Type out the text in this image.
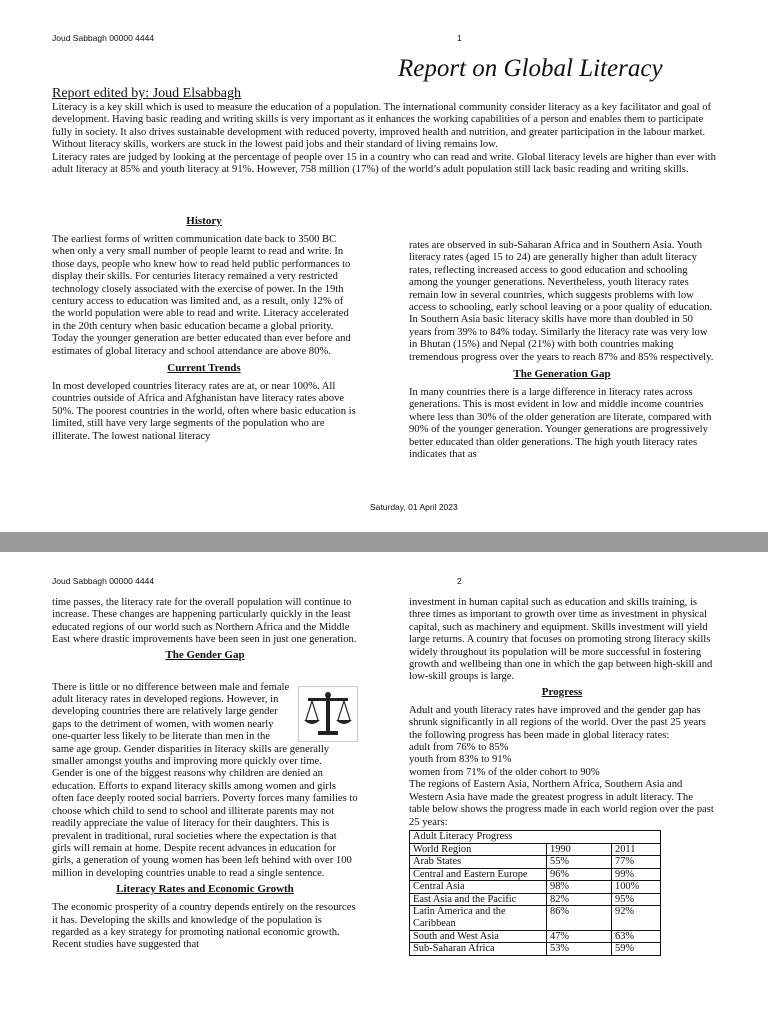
Joud Sabbagh 00000 4444	1
Report on Global Literacy
Report edited by: Joud Elsabbagh

Literacy is a key skill which is used to measure the education of a population. The international community consider literacy as a key facilitator and goal of development. Having basic reading and writing skills is very important as it enhances the working capabilities of a person and enables them to participate fully in society. It also drives sustainable development with reduced poverty, improved health and nutrition, and greater participation in the labour market. Without literacy skills, workers are stuck in the lowest paid jobs and their standard of living remains low.

Literacy rates are judged by looking at the percentage of people over 15 in a country who can read and write. Global literacy levels are higher than ever with adult literacy at 85% and youth literacy at 91%. However, 758 million (17%) of the world’s adult population still lack basic reading and writing skills.

History

The earliest forms of written communication date back to 3500 BC when only a very small number of people learnt to read and write. In those days, people who knew how to read held public performances to display their skills. For centuries literacy remained a very restricted technology closely associated with the exercise of power. In the 19th century access to education was limited and, as a result, only 12% of the world population were able to read and write. Literacy accelerated in the 20th century when basic education became a global priority. Today the younger generation are better educated than ever before and estimates of global literacy and school attendance are above 80%.

Current Trends

In most developed countries literacy rates are at, or near 100%. All countries outside of Africa and Afghanistan have literacy rates above 50%. The poorest countries in the world, often where basic education is limited, still have very large segments of the population who are illiterate. The lowest national literacy

rates are observed in sub-Saharan Africa and in Southern Asia. Youth literacy rates (aged 15 to 24) are generally higher than adult literacy rates, reflecting increased access to good education and schooling among the younger generations. Nevertheless, youth literacy rates remain low in several countries, which suggests problems with low access to schooling, early school leaving or a poor quality of education.

In Southern Asia basic literacy skills have more than doubled in 50 years from 39% to 84% today. Similarly the literacy rate was very low in Bhutan (15%) and Nepal (21%) with both countries making tremendous progress over the years to reach 87% and 85% respectively.

The Generation Gap

In many countries there is a large difference in literacy rates across generations. This is most evident in low and middle income countries where less than 30% of the older generation are literate, compared with 90% of the younger generation. Younger generations are progressively better educated than older generations. The high youth literacy rates indicates that as

Saturday, 01 April 2023
Joud Sabbagh 00000 4444	2

time passes, the literacy rate for the overall population will continue to increase. These changes are happening particularly quickly in the least educated regions of our world such as Northern Africa and the Middle East where drastic improvements have been seen in just one generation.

The Gender Gap

There is little or no difference between male and female adult literacy rates in developed regions. However, in developing countries there are relatively large gender gaps to the detriment of women, with women nearly one-quarter less likely to be literate than men in the same age group. Gender disparities in literacy skills are generally smaller amongst youths and improving more quickly over time.

Gender is one of the biggest reasons why children are denied an education. Efforts to expand literacy skills among women and girls often face deeply rooted social barriers. Poverty forces many families to choose which child to send to school and illiterate parents may not readily appreciate the value of literacy for their daughters. This is prevalent in traditional, rural societies where the expectation is that girls will remain at home. Despite recent advances in education for girls, a generation of young women has been left behind with over 100 million in developing countries unable to read a single sentence.

Literacy Rates and Economic Growth

The economic prosperity of a country depends entirely on the resources it has. Developing the skills and knowledge of the population is regarded as a key strategy for promoting national economic growth. Recent studies have suggested that

investment in human capital such as education and skills training, is three times as important to growth over time as investment in physical capital, such as machinery and equipment. Skills investment will yield large returns. A country that focuses on promoting strong literacy skills widely throughout its population will be more successful in fostering growth and wellbeing than one in which the gap between high-skill and low-skill groups is large.

Progress

Adult and youth literacy rates have improved and the gender gap has shrunk significantly in all regions of the world. Over the past 25 years the following progress has been made in global literacy rates:

adult from 76% to 85%

youth from 83% to 91%

women from 71% of the older cohort to 90%

The regions of Eastern Asia, Northern Africa, Southern Asia and Western Asia have made the greatest progress in adult literacy. The table below shows the progress made in each world region over the past 25 years:

Adult Literacy Progress		
World Region	1990	2011
Arab States	55%	77%
Central and Eastern Europe	96%	99%
Central Asia	98%	100%
East Asia and the Pacific	82%	95%
Latin America and the Caribbean	86%	92%
South and West Asia	47%	63%
Sub-Saharan Africa	53%	59%
